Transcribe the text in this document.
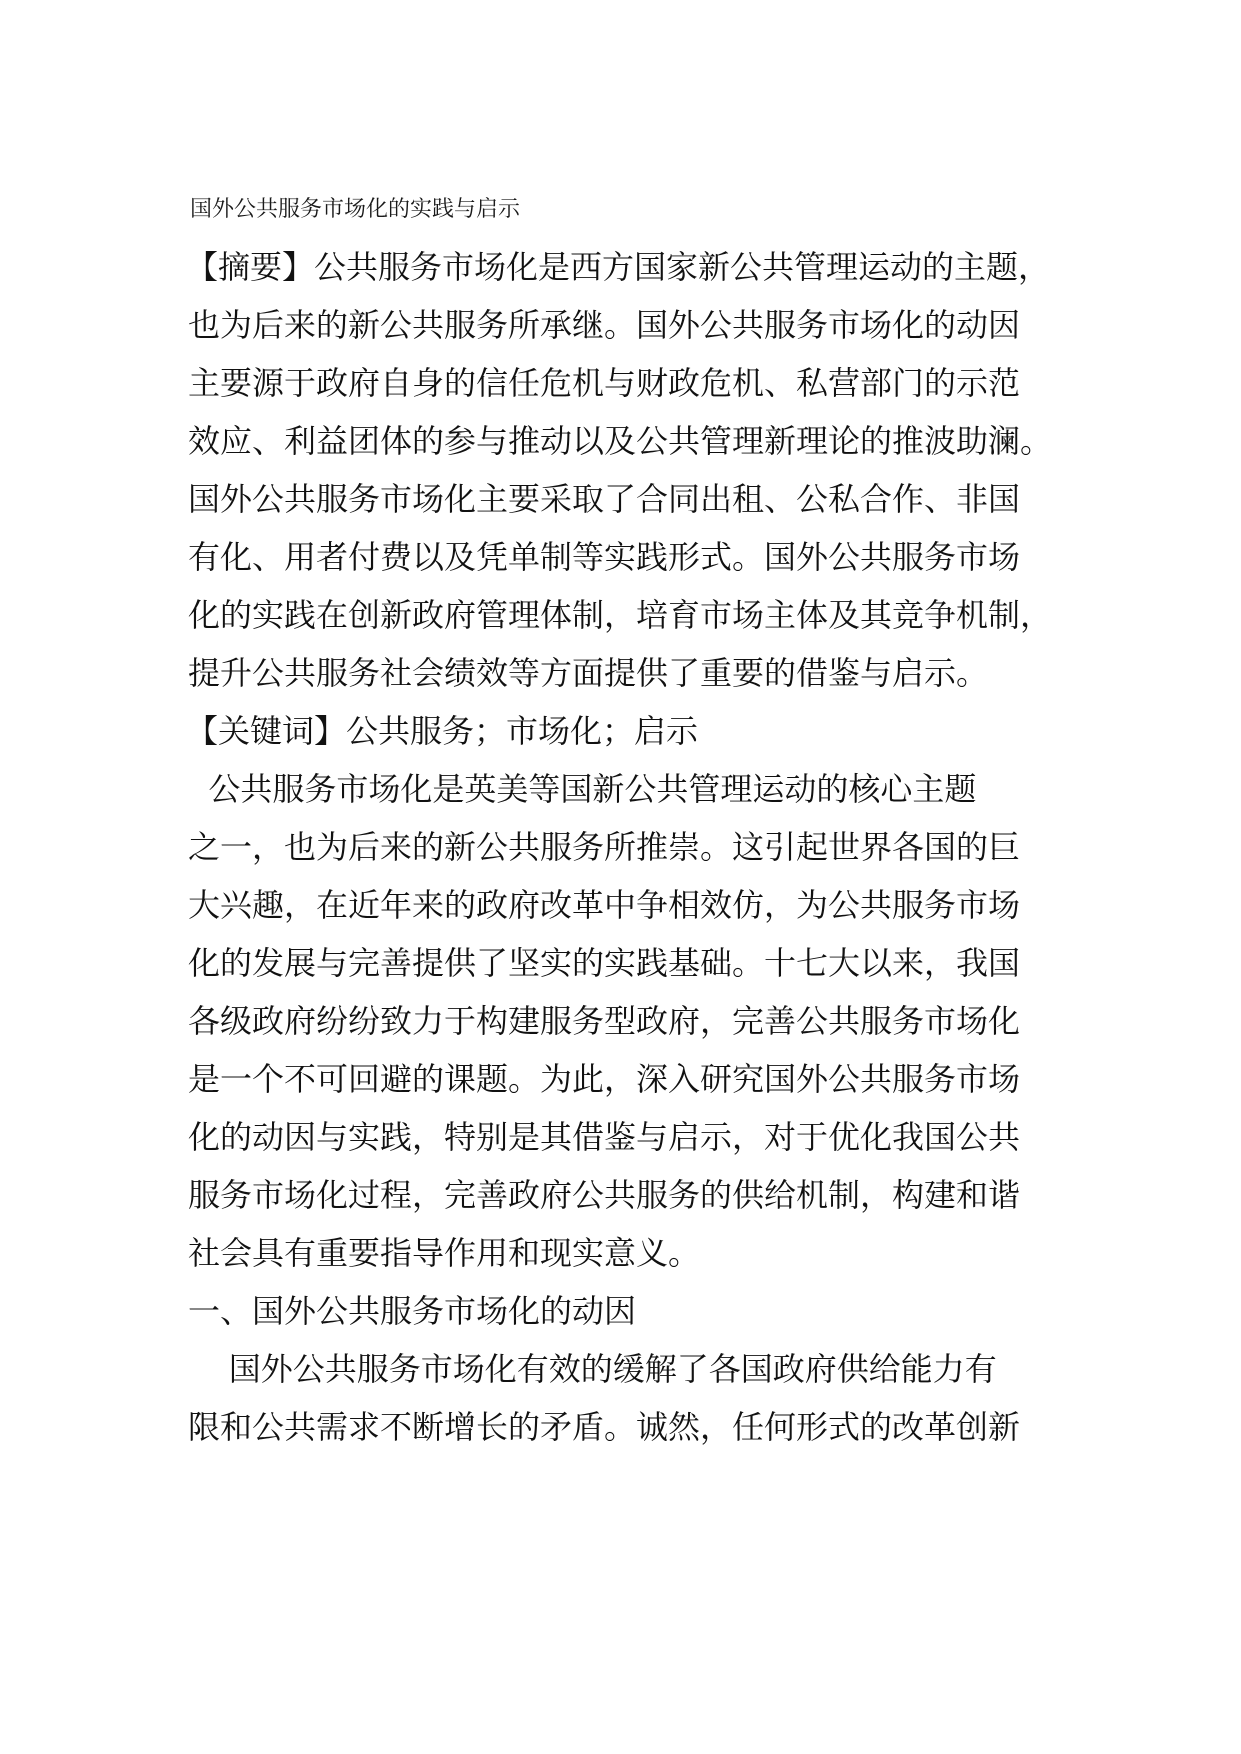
国外公共服务市场化的实践与启示
【摘要】公共服务市场化是西方国家新公共管理运动的主题，
也为后来的新公共服务所承继。国外公共服务市场化的动因
主要源于政府自身的信任危机与财政危机、私营部门的示范
效应、利益团体的参与推动以及公共管理新理论的推波助澜。
国外公共服务市场化主要采取了合同出租、公私合作、非国
有化、用者付费以及凭单制等实践形式。国外公共服务市场
化的实践在创新政府管理体制，培育市场主体及其竞争机制，
提升公共服务社会绩效等方面提供了重要的借鉴与启示。
【关键词】公共服务；市场化；启示
公共服务市场化是英美等国新公共管理运动的核心主题
之一，也为后来的新公共服务所推崇。这引起世界各国的巨
大兴趣，在近年来的政府改革中争相效仿，为公共服务市场
化的发展与完善提供了坚实的实践基础。十七大以来，我国
各级政府纷纷致力于构建服务型政府，完善公共服务市场化
是一个不可回避的课题。为此，深入研究国外公共服务市场
化的动因与实践，特别是其借鉴与启示，对于优化我国公共
服务市场化过程，完善政府公共服务的供给机制，构建和谐
社会具有重要指导作用和现实意义。
一、国外公共服务市场化的动因
国外公共服务市场化有效的缓解了各国政府供给能力有
限和公共需求不断增长的矛盾。诚然，任何形式的改革创新
